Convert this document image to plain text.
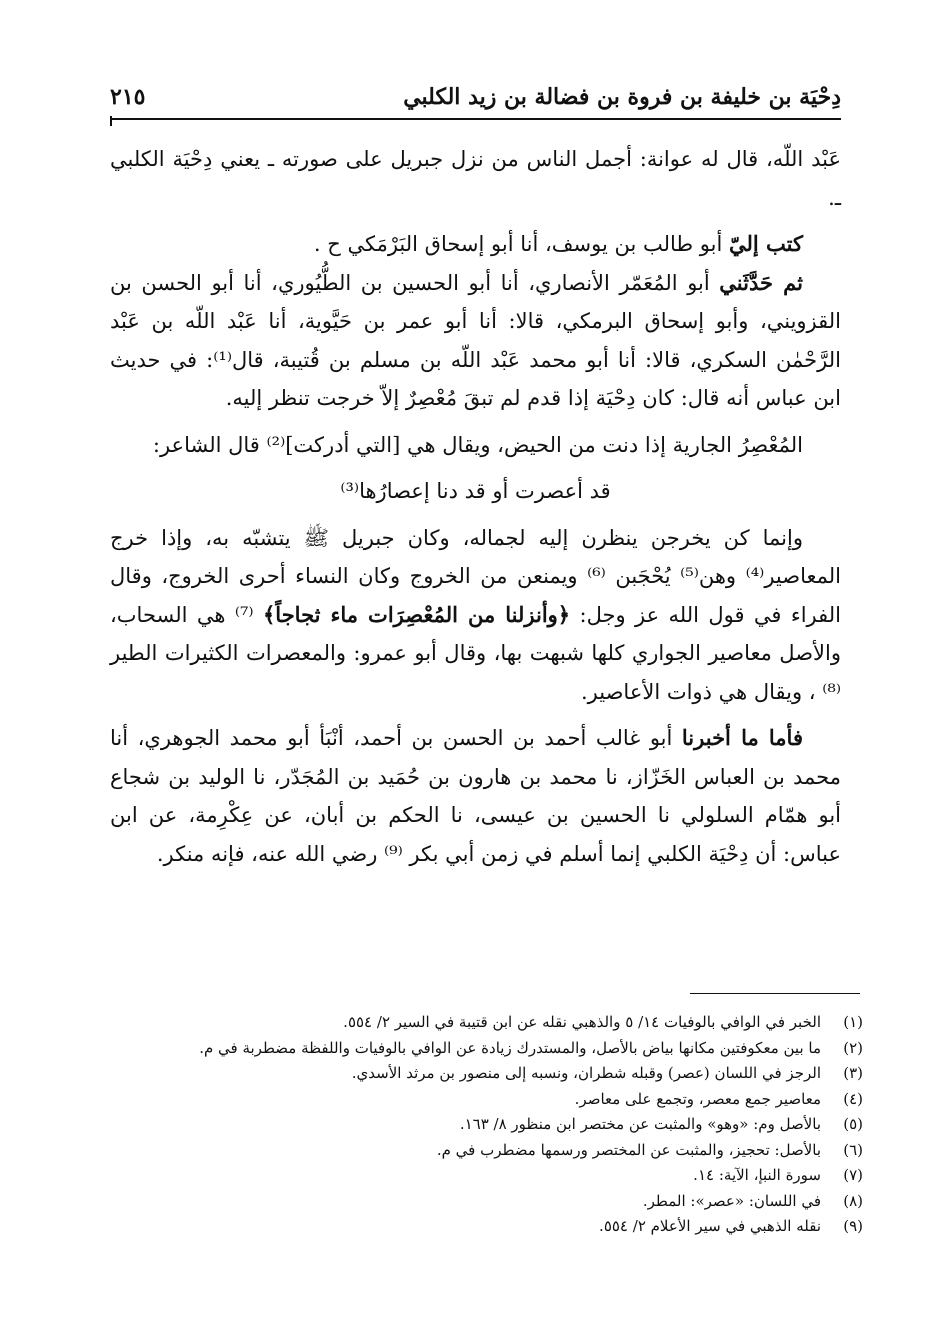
دِحْيَة بن خليفة بن فروة بن فضالة بن زيد الكلبي
٢١٥

عَبْد اللّه، قال له عوانة: أجمل الناس من نزل جبريل على صورته ـ يعني دِحْيَة الكلبي ـ.

كتب إليّ أبو طالب بن يوسف، أنا أبو إسحاق البَرْمَكي ح .

ثم حَدَّثَني أبو المُعَمّر الأنصاري، أنا أبو الحسين بن الطُّيُوري، أنا أبو الحسن بن القزويني، وأبو إسحاق البرمكي، قالا: أنا أبو عمر بن حَيَّوية، أنا عَبْد اللّه بن عَبْد الرَّحْمٰن السكري، قالا: أنا أبو محمد عَبْد اللّه بن مسلم بن قُتيبة، قال⁽¹⁾: في حديث ابن عباس أنه قال: كان دِحْيَة إذا قدم لم تبقَ مُعْصِرٌ إلاّ خرجت تنظر إليه.

المُعْصِرُ الجارية إذا دنت من الحيض، ويقال هي [التي أدركت]⁽²⁾ قال الشاعر:

قد أعصرت أو قد دنا إعصارُها⁽³⁾

وإنما كن يخرجن ينظرن إليه لجماله، وكان جبريل ﷺ يتشبّه به، وإذا خرج المعاصير⁽⁴⁾ وهن⁽⁵⁾ يُحْجَبن ⁽⁶⁾ ويمنعن من الخروج وكان النساء أحرى الخروج، وقال الفراء في قول الله عز وجل: ﴿وأنزلنا من المُعْصِرَات ماء ثجاجاً﴾ ⁽⁷⁾ هي السحاب، والأصل معاصير الجواري كلها شبهت بها، وقال أبو عمرو: والمعصرات الكثيرات الطير ⁽⁸⁾ ، ويقال هي ذوات الأعاصير.

فأما ما أخبرنا أبو غالب أحمد بن الحسن بن أحمد، أنْبَأ أبو محمد الجوهري، أنا محمد بن العباس الخَزّاز، نا محمد بن هارون بن حُمَيد بن المُجَدّر، نا الوليد بن شجاع أبو همّام السلولي نا الحسين بن عيسى، نا الحكم بن أبان، عن عِكْرِمة، عن ابن عباس: أن دِحْيَة الكلبي إنما أسلم في زمن أبي بكر ⁽⁹⁾ رضي الله عنه، فإنه منكر.

(١)
الخبر في الوافي بالوفيات ١٤/ ٥ والذهبي نقله عن ابن قتيبة في السير ٢/ ٥٥٤.
(٢)
ما بين معكوفتين مكانها بياض بالأصل، والمستدرك زيادة عن الوافي بالوفيات واللفظة مضطربة في م.
(٣)
الرجز في اللسان (عصر) وقبله شطران، ونسبه إلى منصور بن مرثد الأسدي.
(٤)
معاصير جمع معصر، وتجمع على معاصر.
(٥)
بالأصل وم: «وهو» والمثبت عن مختصر ابن منظور ٨/ ١٦٣.
(٦)
بالأصل: تحجيز، والمثبت عن المختصر ورسمها مضطرب في م.
(٧)
سورة النبإ، الآية: ١٤.
(٨)
في اللسان: «عصر»: المطر.
(٩)
نقله الذهبي في سير الأعلام ٢/ ٥٥٤.
